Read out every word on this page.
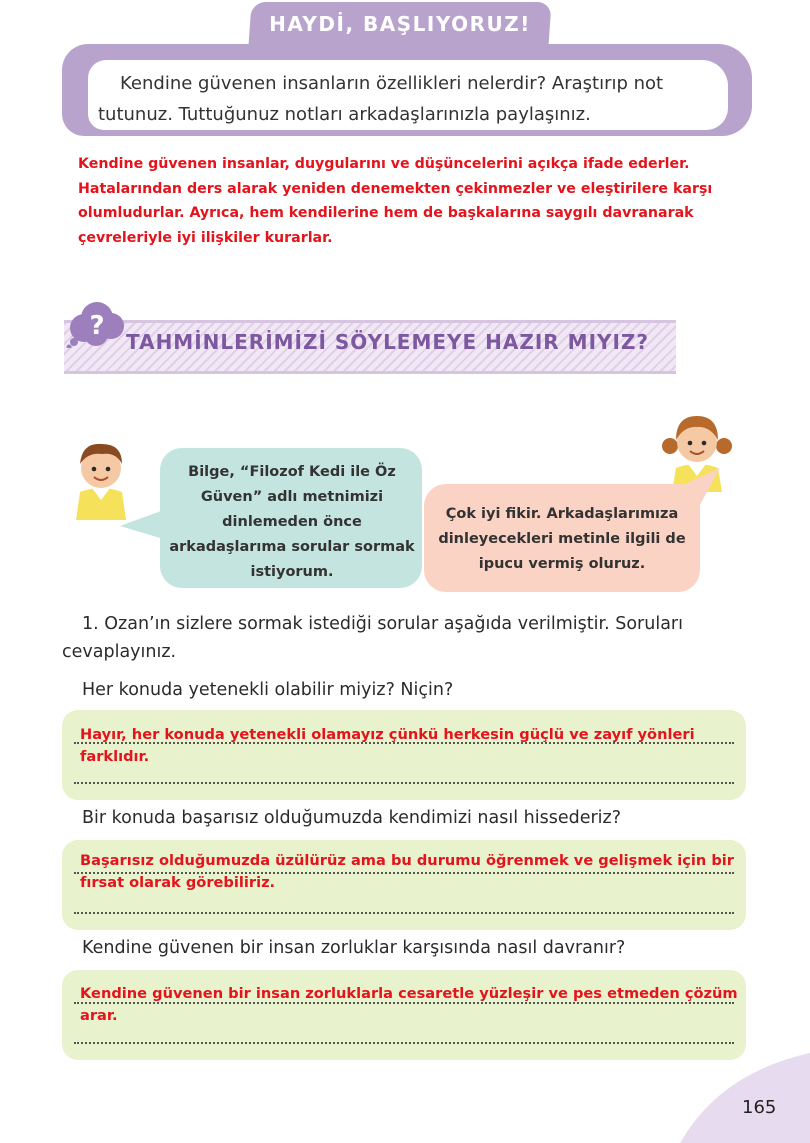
HAYDİ, BAŞLIYORUZ!
Kendine güvenen insanların özellikleri nelerdir? Araştırıp not tutunuz. Tuttuğunuz notları arkadaşlarınızla paylaşınız.
Kendine güvenen insanlar, duygularını ve düşüncelerini açıkça ifade ederler. Hatalarından ders alarak yeniden denemekten çekinmezler ve eleştirilere karşı olumludurlar. Ayrıca, hem kendilerine hem de başkalarına saygılı davranarak çevreleriyle iyi ilişkiler kurarlar.
?
TAHMİNLERİMİZİ SÖYLEMEYE HAZIR MIYIZ?
Bilge, “Filozof Kedi ile Öz Güven” adlı metnimizi dinlemeden önce arkadaşlarıma sorular sormak istiyorum.
Çok iyi fikir. Arkadaşlarımıza dinleyecekleri metinle ilgili de ipucu vermiş oluruz.
1. Ozan’ın sizlere sormak istediği sorular aşağıda verilmiştir. Soruları cevaplayınız.
Her konuda yetenekli olabilir miyiz? Niçin?
Hayır, her konuda yetenekli olamayız çünkü herkesin güçlü ve zayıf yönleri farklıdır.
Bir konuda başarısız olduğumuzda kendimizi nasıl hissederiz?
Başarısız olduğumuzda üzülürüz ama bu durumu öğrenmek ve gelişmek için bir fırsat olarak görebiliriz.
Kendine güvenen bir insan zorluklar karşısında nasıl davranır?
Kendine güvenen bir insan zorluklarla cesaretle yüzleşir ve pes etmeden çözüm arar.
165
